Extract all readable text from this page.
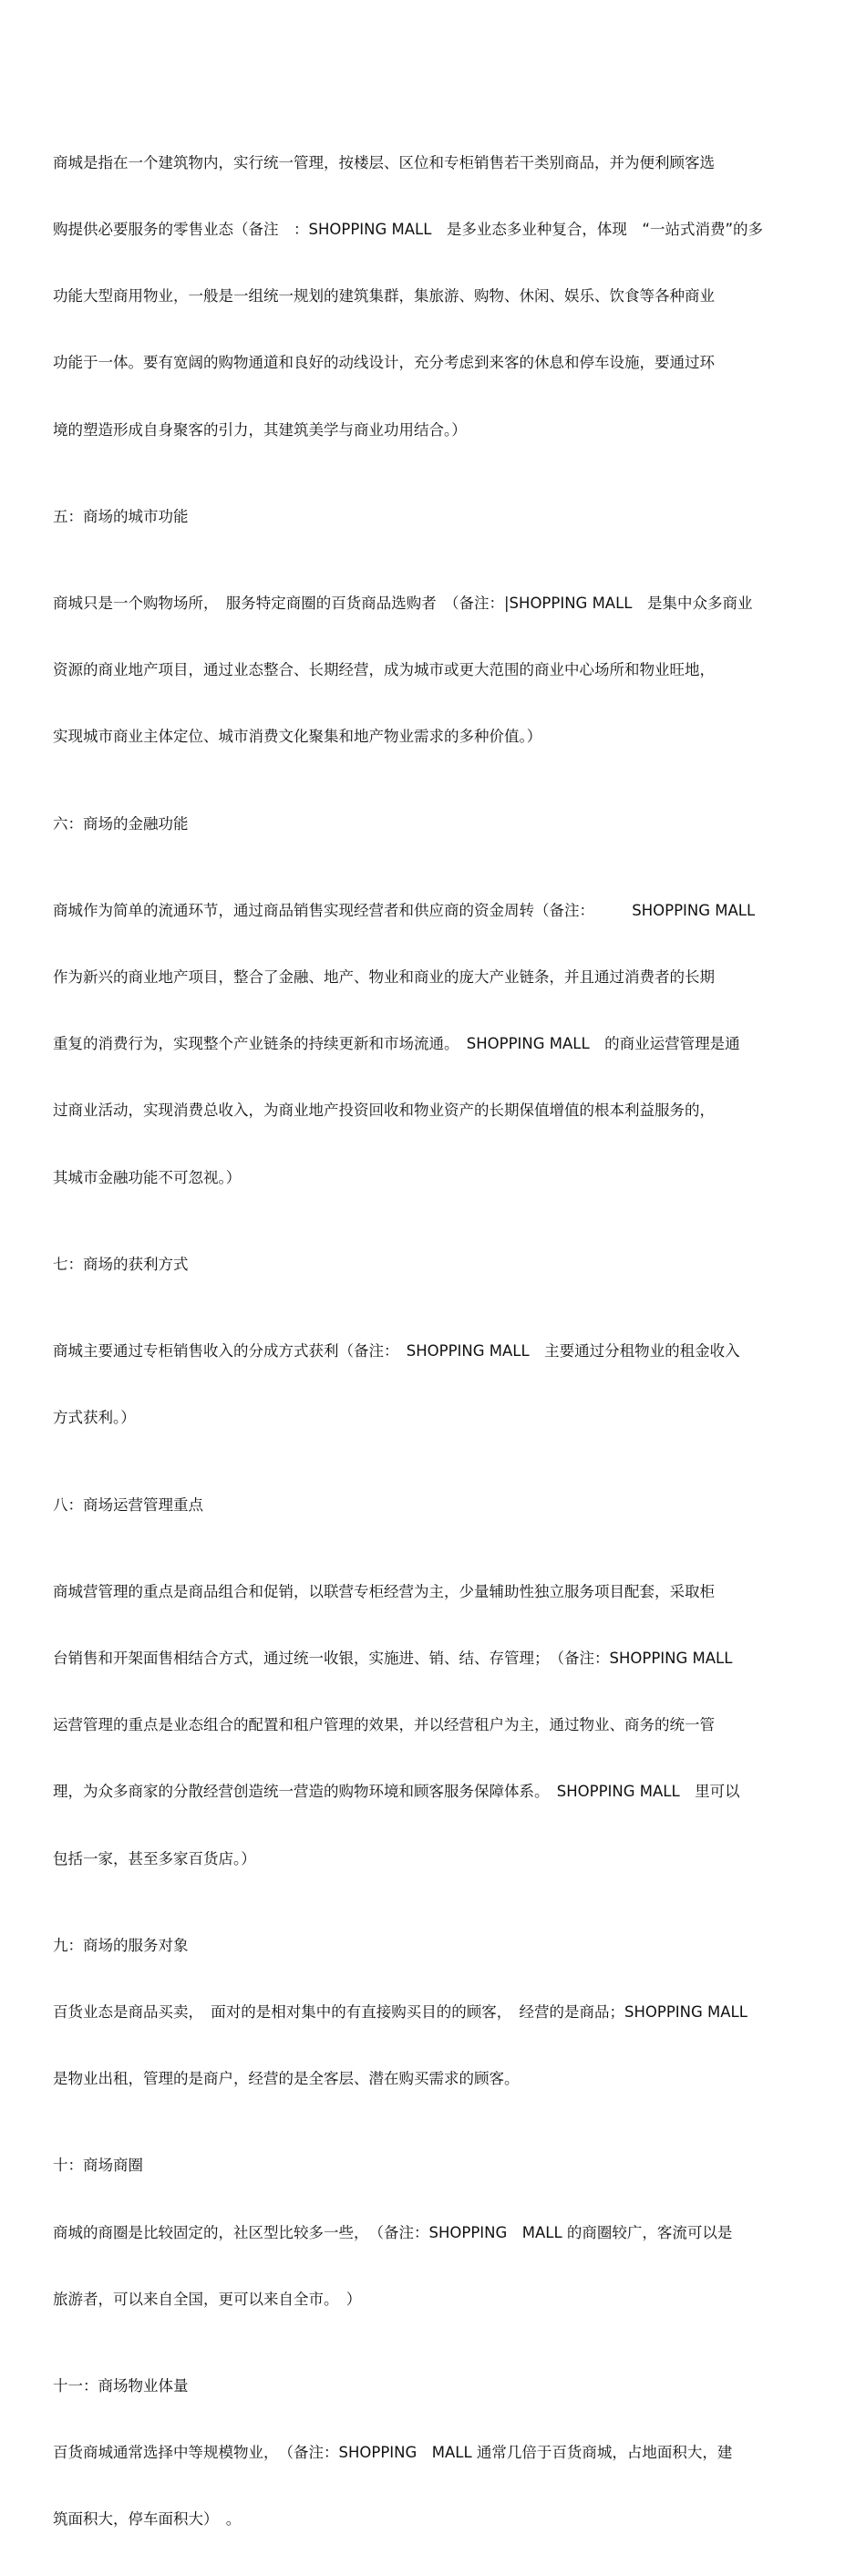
商城是指在一个建筑物内，实行统一管理，按楼层、区位和专柜销售若干类别商品，并为便利顾客选

购提供必要服务的零售业态（备注　：SHOPPING MALL　是多业态多业种复合，体现　“一站式消费”的多

功能大型商用物业，一般是一组统一规划的建筑集群，集旅游、购物、休闲、娱乐、饮食等各种商业

功能于一体。要有宽阔的购物通道和良好的动线设计，充分考虑到来客的休息和停车设施，要通过环

境的塑造形成自身聚客的引力，其建筑美学与商业功用结合。）

五：商场的城市功能

商城只是一个购物场所，　服务特定商圈的百货商品选购者　（备注：|SHOPPING MALL　是集中众多商业

资源的商业地产项目，通过业态整合、长期经营，成为城市或更大范围的商业中心场所和物业旺地，

实现城市商业主体定位、城市消费文化聚集和地产物业需求的多种价值。）

六：商场的金融功能

商城作为简单的流通环节，通过商品销售实现经营者和供应商的资金周转（备注：　　　SHOPPING MALL

作为新兴的商业地产项目，整合了金融、地产、物业和商业的庞大产业链条，并且通过消费者的长期

重复的消费行为，实现整个产业链条的持续更新和市场流通。　SHOPPING MALL　的商业运营管理是通

过商业活动，实现消费总收入，为商业地产投资回收和物业资产的长期保值增值的根本利益服务的，

其城市金融功能不可忽视。）

七：商场的获利方式

商城主要通过专柜销售收入的分成方式获利（备注：　SHOPPING MALL　主要通过分租物业的租金收入

方式获利。）

八：商场运营管理重点

商城营管理的重点是商品组合和促销，以联营专柜经营为主，少量辅助性独立服务项目配套，采取柜

台销售和开架面售相结合方式，通过统一收银，实施进、销、结、存管理；　（备注：SHOPPING MALL

运营管理的重点是业态组合的配置和租户管理的效果，并以经营租户为主，通过物业、商务的统一管

理，为众多商家的分散经营创造统一营造的购物环境和顾客服务保障体系。　SHOPPING MALL　里可以

包括一家，甚至多家百货店。）

九：商场的服务对象

百货业态是商品买卖，　面对的是相对集中的有直接购买目的的顾客，　经营的是商品；SHOPPING MALL

是物业出租，管理的是商户，经营的是全客层、潜在购买需求的顾客。

十：商场商圈

商城的商圈是比较固定的，社区型比较多一些，　（备注：SHOPPING　MALL 的商圈较广，客流可以是

旅游者，可以来自全国，更可以来自全市。　）

十一：商场物业体量

百货商城通常选择中等规模物业，　（备注：SHOPPING　MALL 通常几倍于百货商城，占地面积大，建

筑面积大，停车面积大）　。
